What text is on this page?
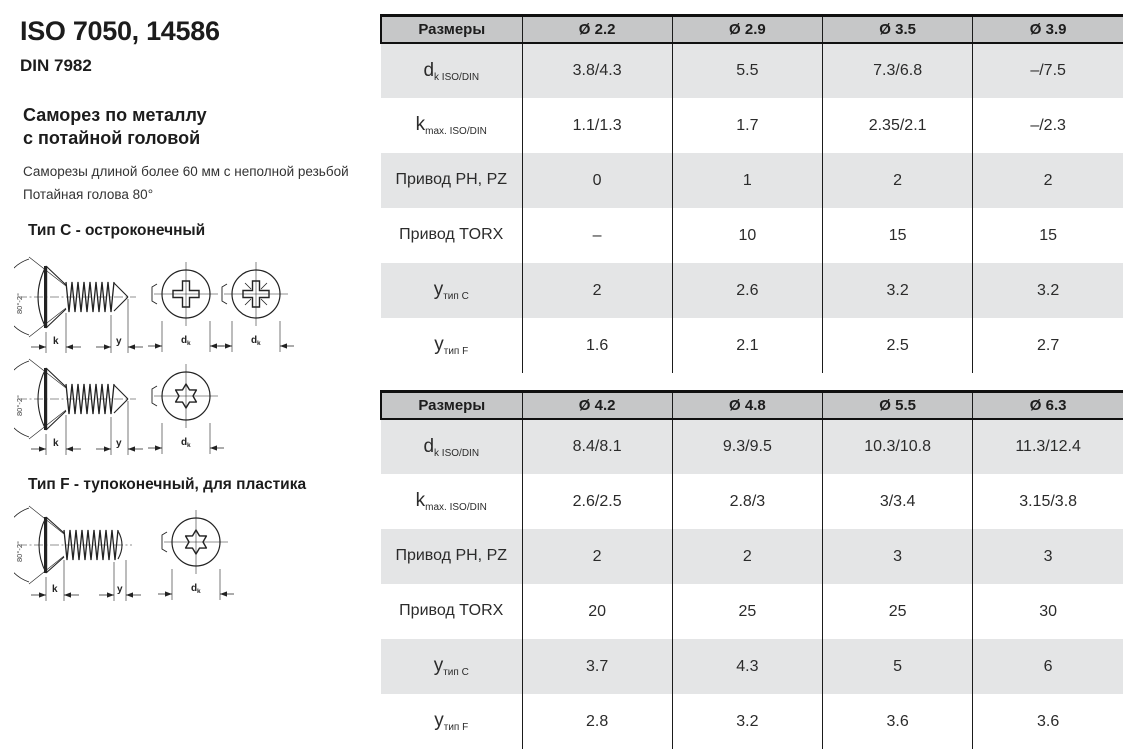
ISO 7050, 14586
DIN 7982
Саморез по металлу
с потайной головой
Саморезы длиной более 60 мм с неполной резьбой
Потайная голова 80°
Тип C - остроконечный
Тип F - тупоконечный, для пластика
80°-2°
k	y	d k	d k
80°-2°
k	y	d k
80°-2°
k	y	d k
Размеры	Ø 2.2	Ø 2.9	Ø 3.5	Ø 3.9
$d_{k ISO/DIN}$	3.8/4.3	5.5	7.3/6.8	–/7.5
$k_{max. ISO/DIN}$	1.1/1.3	1.7	2.35/2.1	–/2.3
Привод PH, PZ	0	1	2	2
Привод TORX	–	10	15	15
$y_{тип C}$	2	2.6	3.2	3.2
$y_{тип F}$	1.6	2.1	2.5	2.7
Размеры	Ø 4.2	Ø 4.8	Ø 5.5	Ø 6.3
$d_{k ISO/DIN}$	8.4/8.1	9.3/9.5	10.3/10.8	11.3/12.4
$k_{max. ISO/DIN}$	2.6/2.5	2.8/3	3/3.4	3.15/3.8
Привод PH, PZ	2	2	3	3
Привод TORX	20	25	25	30
$y_{тип C}$	3.7	4.3	5	6
$y_{тип F}$	2.8	3.2	3.6	3.6
